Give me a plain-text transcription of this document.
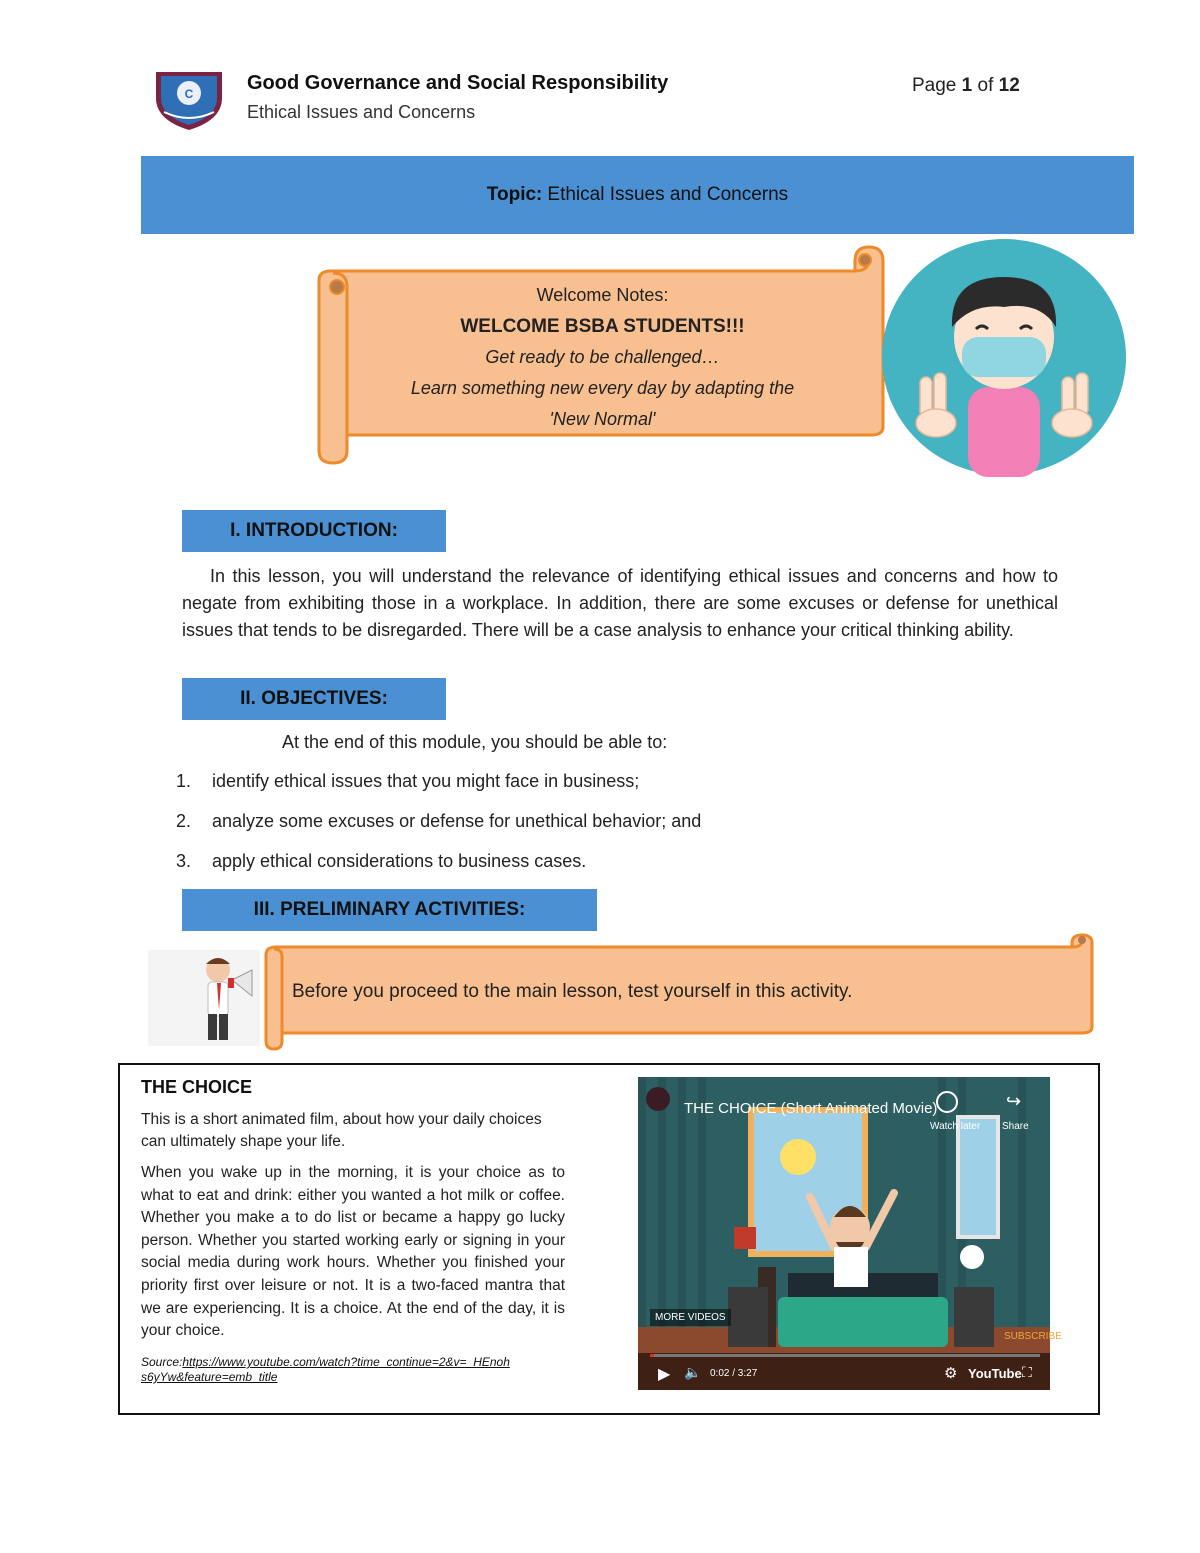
C	Good Governance and Social Responsibility
Ethical Issues and Concerns
Page 1 of 12
Topic: Ethical Issues and Concerns
Welcome Notes:
WELCOME BSBA STUDENTS!!!
Get ready to be challenged…
Learn something new every day by adapting the
'New Normal'
I. INTRODUCTION:

In this lesson, you will understand the relevance of identifying ethical issues and concerns and how to negate from exhibiting those in a workplace. In addition, there are some excuses or defense for unethical issues that tends to be disregarded. There will be a case analysis to enhance your critical thinking ability.

II. OBJECTIVES:
At the end of this module, you should be able to:
1. identify ethical issues that you might face in business;
2. analyze some excuses or defense for unethical behavior; and
3. apply ethical considerations to business cases.
III. PRELIMINARY ACTIVITIES:
Before you proceed to the main lesson, test yourself in this activity.
THE CHOICE
This is a short animated film, about how your daily choices can ultimately shape your life.
When you wake up in the morning, it is your choice as to what to eat and drink: either you wanted a hot milk or coffee. Whether you make a to do list or became a happy go lucky person. Whether you started working early or signing in your social media during work hours. Whether you finished your priority first over leisure or not. It is a two-faced mantra that we are experiencing. It is a choice. At the end of the day, it is your choice.
Source:https://www.youtube.com/watch?time_continue=2&v=_HEnoh s6yYw&feature=emb_title
THE CHOICE (Short Animated Movie)
Watch later
↪
Share
MORE VIDEOS
SUBSCRIBE
▶ 🔈 0:02 / 3:27	⚙ YouTube ⛶
